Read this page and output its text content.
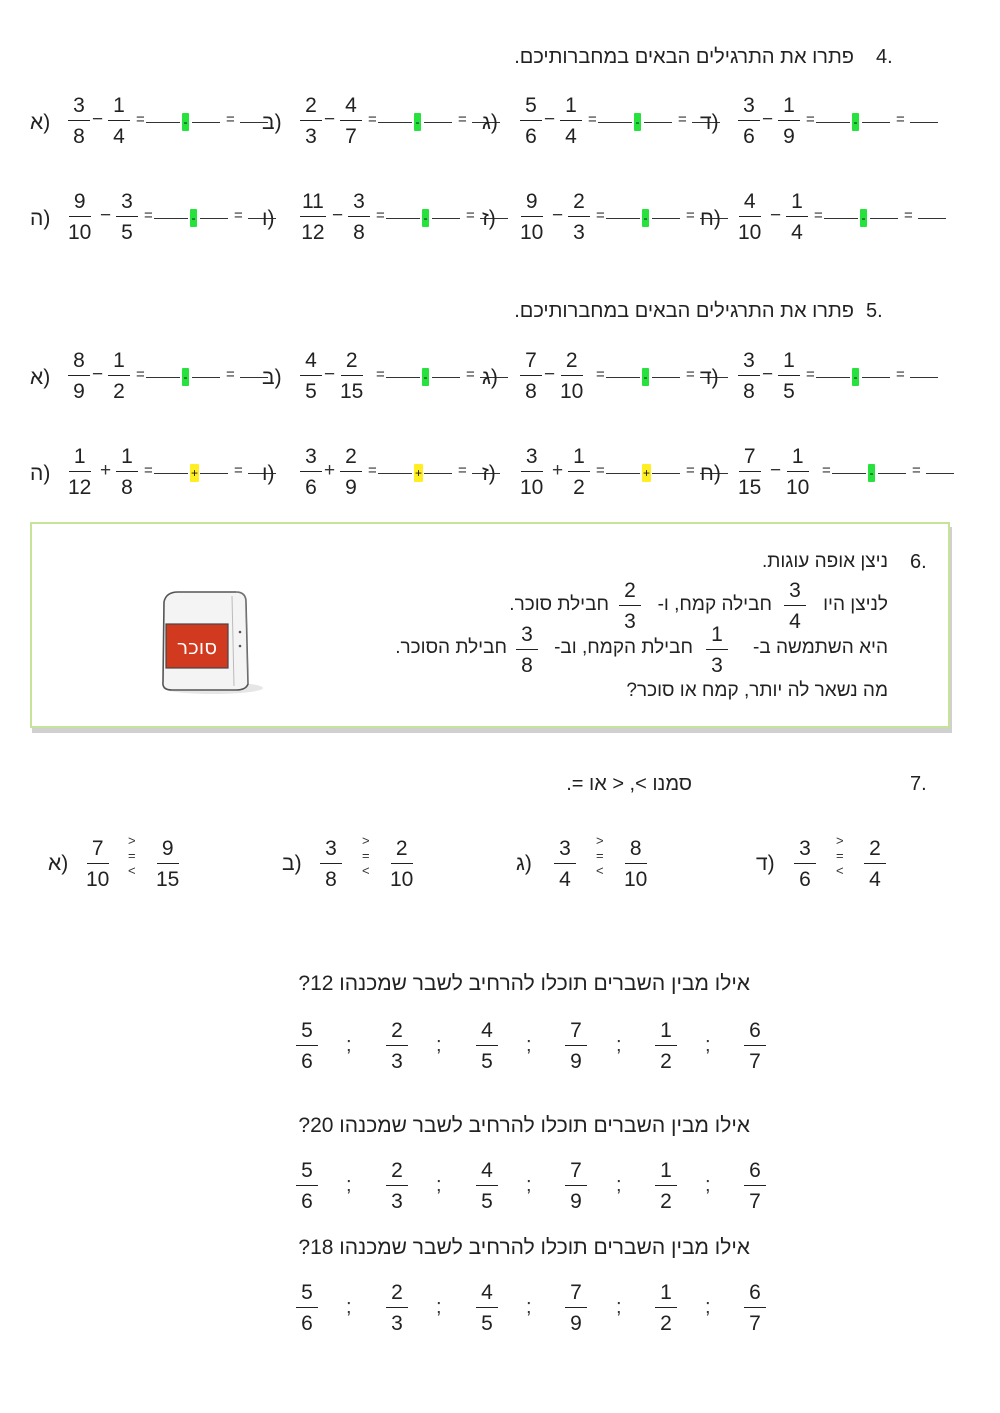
4.
פתרו את התרגילים הבאים במחברותיכם.
א) $\frac{3}{8} - \frac{1}{4}$ =	-	= ב) $\frac{2}{3} - \frac{4}{7}$ =	-	= ג) $\frac{5}{6} - \frac{1}{4}$ =	-	= ד) $\frac{3}{6} - \frac{1}{9}$ =	-	=
ה) $\frac{9}{10} - \frac{3}{5}$ =	-	= ו) $\frac{11}{12} - \frac{3}{8}$ =	-	= ז) $\frac{9}{10} - \frac{2}{3}$ =	-	= ח) $\frac{4}{10} - \frac{1}{4}$ =	-	=
5.
פתרו את התרגילים הבאים במחברותיכם.
א) $\frac{8}{9} - \frac{1}{2}$ =	-	= ב) $\frac{4}{5} - \frac{2}{15}$ =	-	= ג) $\frac{7}{8} - \frac{2}{10}$ =	-	= ד) $\frac{3}{8} - \frac{1}{5}$ =	-	=
ה) $\frac{1}{12} + \frac{1}{8}$ =	+ = ו) $\frac{3}{6} + \frac{2}{9}$ =	+ = ז) $\frac{3}{10} + \frac{1}{2}$ =	+ = ח) $\frac{7}{15} - \frac{1}{10}$ =	-	=
6.
ניצן אופה עוגות.
לניצן היו
$\frac{3}{4}$
חבילה קמח, ו-
$\frac{2}{3}$
חבילת סוכר.
היא השתמשה ב-
$\frac{1}{3}$
חבילת הקמח, וב-
$\frac{3}{8}$
חבילת הסוכר.
מה נשאר לה יותר, קמח או סוכר?
סוכר
7.
סמנו >, < או =.
א) $\frac{7}{10}$ >
=
< $\frac{9}{15}$	ב) $\frac{3}{8}$ >
=
< $\frac{2}{10}$	ג) $\frac{3}{4}$ >
=
< $\frac{8}{10}$	ד) $\frac{3}{6}$ >
=
< $\frac{2}{4}$
אילו מבין השברים תוכלו להרחיב לשבר שמכנהו 12?
$\frac{5}{6}$	$\frac{2}{3}$	$\frac{4}{5}$	$\frac{7}{9}$	$\frac{1}{2}$	$\frac{6}{7}$
;	;	;	;	;
אילו מבין השברים תוכלו להרחיב לשבר שמכנהו 20?
$\frac{5}{6}$	$\frac{2}{3}$	$\frac{4}{5}$	$\frac{7}{9}$	$\frac{1}{2}$	$\frac{6}{7}$
;	;	;	;	;
אילו מבין השברים תוכלו להרחיב לשבר שמכנהו 18?
$\frac{5}{6}$	$\frac{2}{3}$	$\frac{4}{5}$	$\frac{7}{9}$	$\frac{1}{2}$	$\frac{6}{7}$
;	;	;	;	;
